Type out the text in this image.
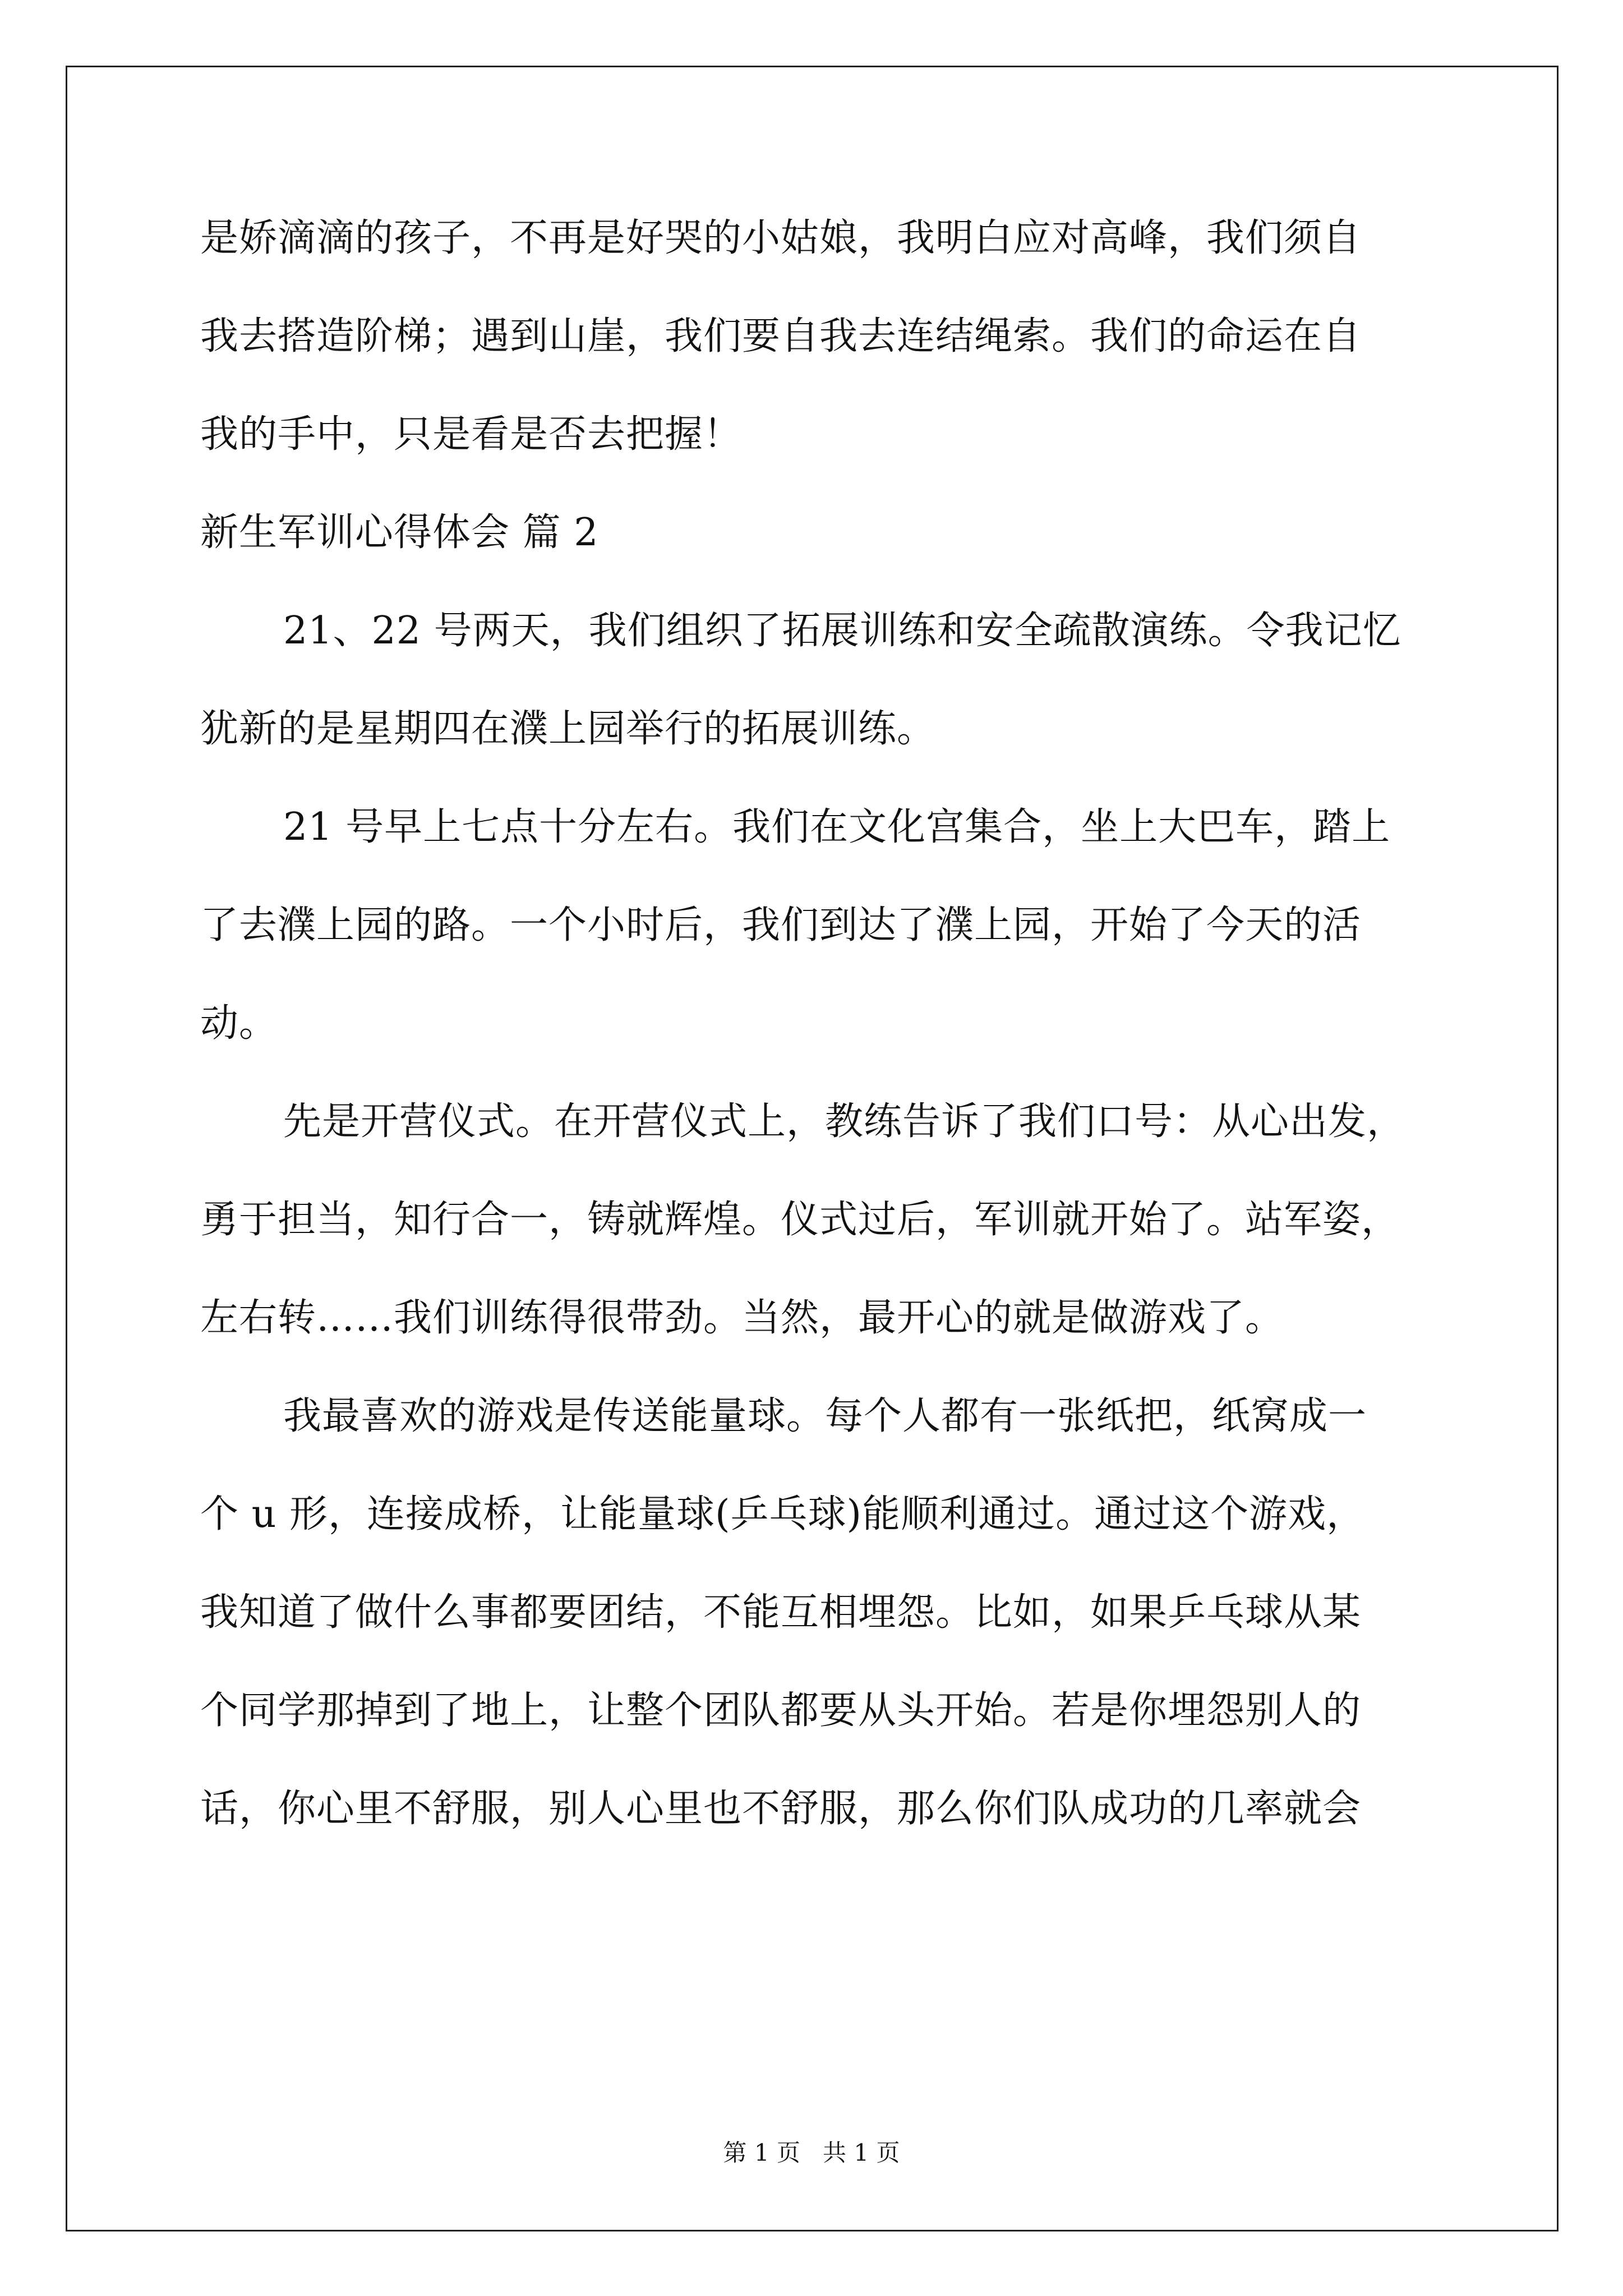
是娇滴滴的孩子，不再是好哭的小姑娘，我明白应对高峰，我们须自
我去搭造阶梯；遇到山崖，我们要自我去连结绳索。我们的命运在自
我的手中，只是看是否去把握！
新生军训心得体会 篇 2
21、22 号两天，我们组织了拓展训练和安全疏散演练。令我记忆
犹新的是星期四在濮上园举行的拓展训练。
21 号早上七点十分左右。我们在文化宫集合，坐上大巴车，踏上
了去濮上园的路。一个小时后，我们到达了濮上园，开始了今天的活
动。
先是开营仪式。在开营仪式上，教练告诉了我们口号：从心出发，
勇于担当，知行合一，铸就辉煌。仪式过后，军训就开始了。站军姿，
左右转……我们训练得很带劲。当然，最开心的就是做游戏了。
我最喜欢的游戏是传送能量球。每个人都有一张纸把，纸窝成一
个 u 形，连接成桥，让能量球(乒乓球)能顺利通过。通过这个游戏，
我知道了做什么事都要团结，不能互相埋怨。比如，如果乒乓球从某
个同学那掉到了地上，让整个团队都要从头开始。若是你埋怨别人的
话，你心里不舒服，别人心里也不舒服，那么你们队成功的几率就会
第 1 页   共 1 页
